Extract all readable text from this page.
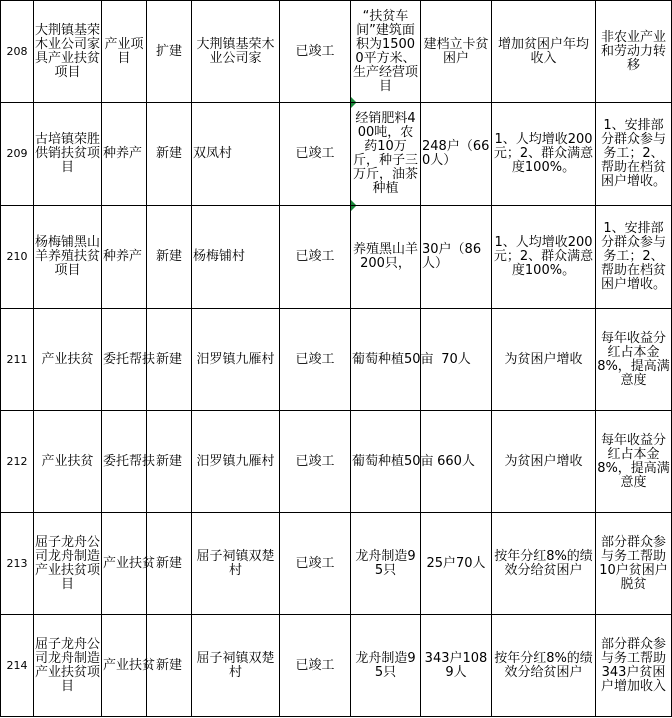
208	大荆镇基荣木业公司家具产业扶贫项目	产业项目	扩建	大荆镇基荣木业公司家	已竣工	“扶贫车间”建筑面积为15000平方米、生产经营项目	建档立卡贫困户	增加贫困户年均收入	非农业产业和劳动力转移
209	古培镇荣胜供销扶贫项目	种养产	新建	双凤村	已竣工	经销肥料400吨，农药10万斤，种子三万斤，油茶种植	248户（660人）	1、人均增收200元；2、群众满意度100%。	1、安排部分群众参与务工；2、帮助在档贫困户增收。
210	杨梅铺黑山羊养殖扶贫项目	种养产	新建	杨梅铺村	已竣工	养殖黑山羊200只，	30户（86人）	1、人均增收200元；2、群众满意度100%。	1、安排部分群众参与务工；2、帮助在档贫困户增收。
211	产业扶贫	委托帮扶	新建	汨罗镇九雁村	已竣工	葡萄种植50亩	70人	为贫困户增收	每年收益分红占本金8%，提高满意度
212	产业扶贫	委托帮扶	新建	汨罗镇九雁村	已竣工	葡萄种植50亩	660人	为贫困户增收	每年收益分红占本金8%，提高满意度
213	屈子龙舟公司龙舟制造产业扶贫项目	产业扶贫	新建	屈子祠镇双楚村	已竣工	龙舟制造95只	25户70人	按年分红8%的绩效分给贫困户	部分群众参与务工帮助10户贫困户脱贫
214	屈子龙舟公司龙舟制造产业扶贫项目	产业扶贫	新建	屈子祠镇双楚村	已竣工	龙舟制造95只	343户1089人	按年分红8%的绩效分给贫困户	部分群众参与务工帮助343户贫困户增加收入
